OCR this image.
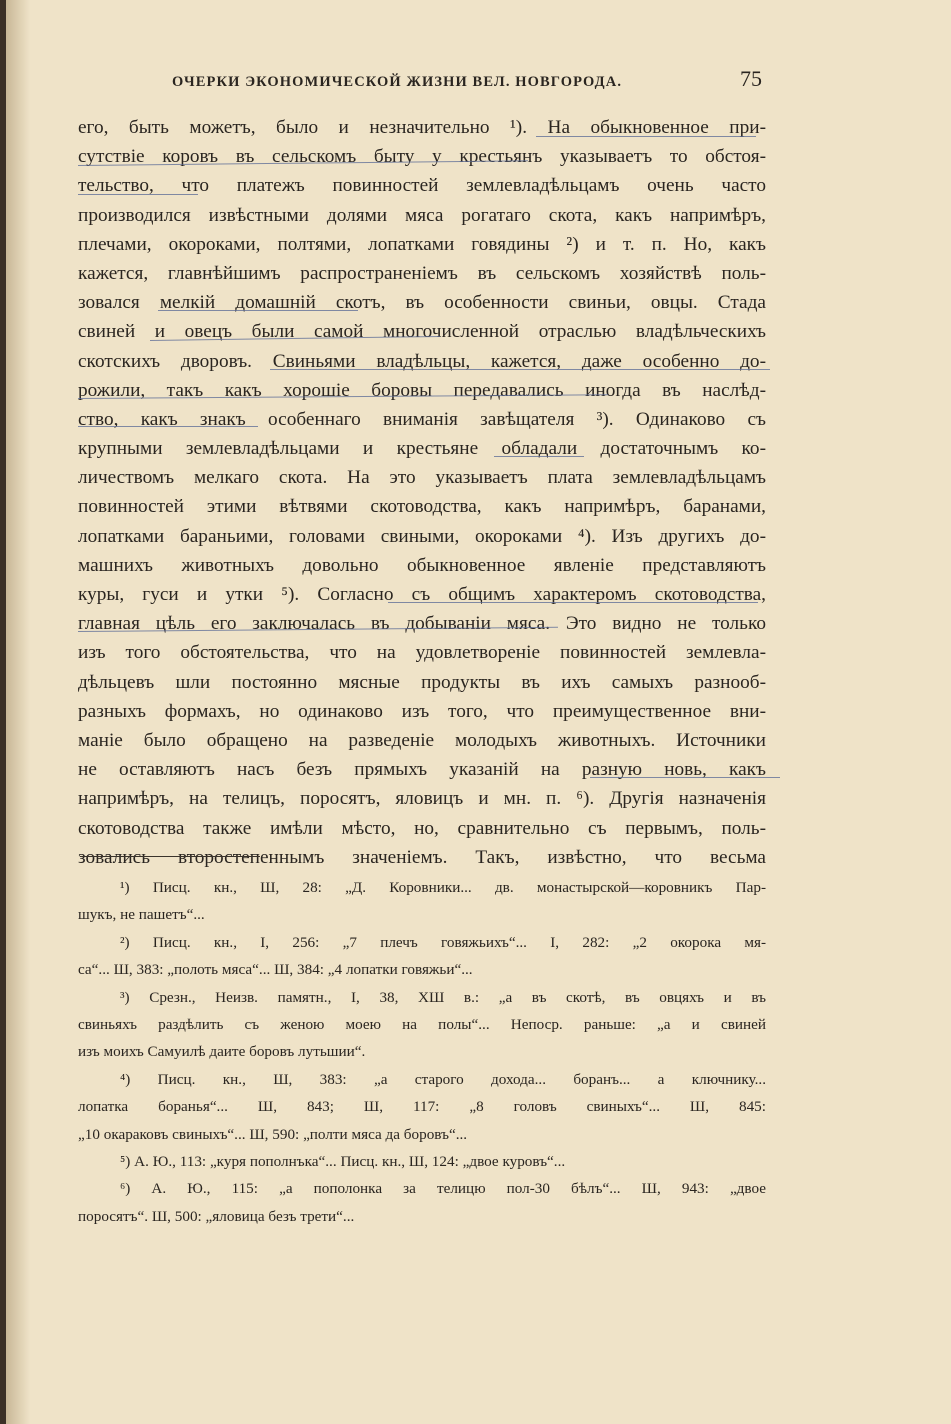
ОЧЕРКИ ЭКОНОМИЧЕСКОЙ ЖИЗНИ ВЕЛ. НОВГОРОДА.	75
его, быть можетъ, было и незначительно ¹). На обыкновенное при-
сутствіе коровъ въ сельскомъ быту у крестьянъ указываетъ то обстоя-
тельство, что платежъ повинностей землевладѣльцамъ очень часто
производился извѣстными долями мяса рогатаго скота, какъ напримѣръ,
плечами, окороками, полтями, лопатками говядины ²) и т. п. Но, какъ
кажется, главнѣйшимъ распространеніемъ въ сельскомъ хозяйствѣ поль-
зовался мелкій домашній скотъ, въ особенности свиньи, овцы. Стада
свиней и овецъ были самой многочисленной отраслью владѣльческихъ
скотскихъ дворовъ. Свиньями владѣльцы, кажется, даже особенно до-
рожили, такъ какъ хорошіе боровы передавались иногда въ наслѣд-
ство, какъ знакъ особеннаго вниманія завѣщателя ³). Одинаково съ
крупными землевладѣльцами и крестьяне обладали достаточнымъ ко-
личествомъ мелкаго скота. На это указываетъ плата землевладѣльцамъ
повинностей этими вѣтвями скотоводства, какъ напримѣръ, баранами,
лопатками бараньими, головами свиными, окороками ⁴). Изъ другихъ до-
машнихъ животныхъ довольно обыкновенное явленіе представляютъ
куры, гуси и утки ⁵). Согласно съ общимъ характеромъ скотоводства,
главная цѣль его заключалась въ добываніи мяса. Это видно не только
изъ того обстоятельства, что на удовлетвореніе повинностей землевла-
дѣльцевъ шли постоянно мясные продукты въ ихъ самыхъ разнооб-
разныхъ формахъ, но одинаково изъ того, что преимущественное вни-
маніе было обращено на разведеніе молодыхъ животныхъ. Источники
не оставляютъ насъ безъ прямыхъ указаній на разную новь, какъ
напримѣръ, на телицъ, поросятъ, яловицъ и мн. п. ⁶). Другія назначенія
скотоводства также имѣли мѣсто, но, сравнительно съ первымъ, поль-
зовались второстепеннымъ значеніемъ. Такъ, извѣстно, что весьма
¹) Писц. кн., Ш, 28: „Д. Коровники... дв. монастырской—коровникъ Пар-
шукъ, не пашетъ“...
²) Писц. кн., I, 256: „7 плечъ говяжьихъ“... I, 282: „2 окорока мя-
са“... Ш, 383: „полоть мяса“... Ш, 384: „4 лопатки говяжьи“...
³) Срезн., Неизв. памятн., I, 38, XШ в.: „а въ скотѣ, въ овцяхъ и въ
свиньяхъ раздѣлить съ женою моею на полы“... Непоср. раньше: „а и свиней
изъ моихъ Самуилѣ даите боровъ лутьшии“.
⁴) Писц. кн., Ш, 383: „а старого дохода... боранъ... а ключнику...
лопатка боранья“... Ш, 843; Ш, 117: „8 головъ свиныхъ“... Ш, 845:
„10 окараковъ свиныхъ“... Ш, 590: „полти мяса да боровъ“...
⁵) А. Ю., 113: „куря пополнъка“... Писц. кн., Ш, 124: „двое куровъ“...
⁶) А. Ю., 115: „а пополонка за телицю пол-30 бѣлъ“... Ш, 943: „двое
поросятъ“. Ш, 500: „яловица безъ трети“...
